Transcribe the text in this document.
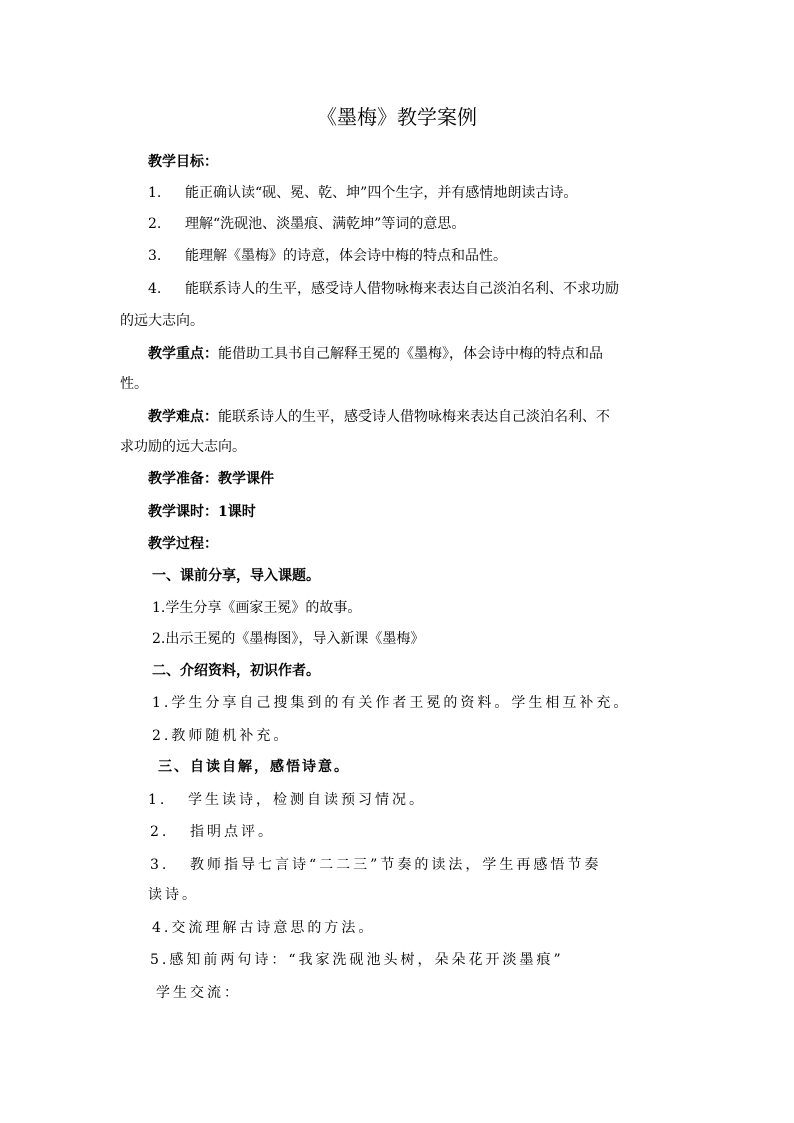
《墨梅》教学案例
教学目标：
1. 能正确认读“砚、冕、乾、坤”四个生字，并有感情地朗读古诗。
2. 理解“洗砚池、淡墨痕、满乾坤”等词的意思。
3. 能理解《墨梅》的诗意，体会诗中梅的特点和品性。
4. 能联系诗人的生平，感受诗人借物咏梅来表达自己淡泊名利、不求功励
的远大志向。
教学重点：能借助工具书自己解释王冕的《墨梅》，体会诗中梅的特点和品
性。
教学难点：能联系诗人的生平，感受诗人借物咏梅来表达自己淡泊名利、不
求功励的远大志向。
教学准备：教学课件
教学课时：1课时
教学过程：
一、课前分享，导入课题。
1.学生分享《画家王冕》的故事。
2.出示王冕的《墨梅图》，导入新课《墨梅》
二、介绍资料，初识作者。
1.学生分享自己搜集到的有关作者王冕的资料。学生相互补充。
2.教师随机补充。
三、自读自解，感悟诗意。
1. 学生读诗，检测自读预习情况。
2. 指明点评。
3. 教师指导七言诗“二二三”节奏的读法，学生再感悟节奏
读诗。
4.交流理解古诗意思的方法。
5.感知前两句诗：“我家洗砚池头树，朵朵花开淡墨痕”
学生交流：
